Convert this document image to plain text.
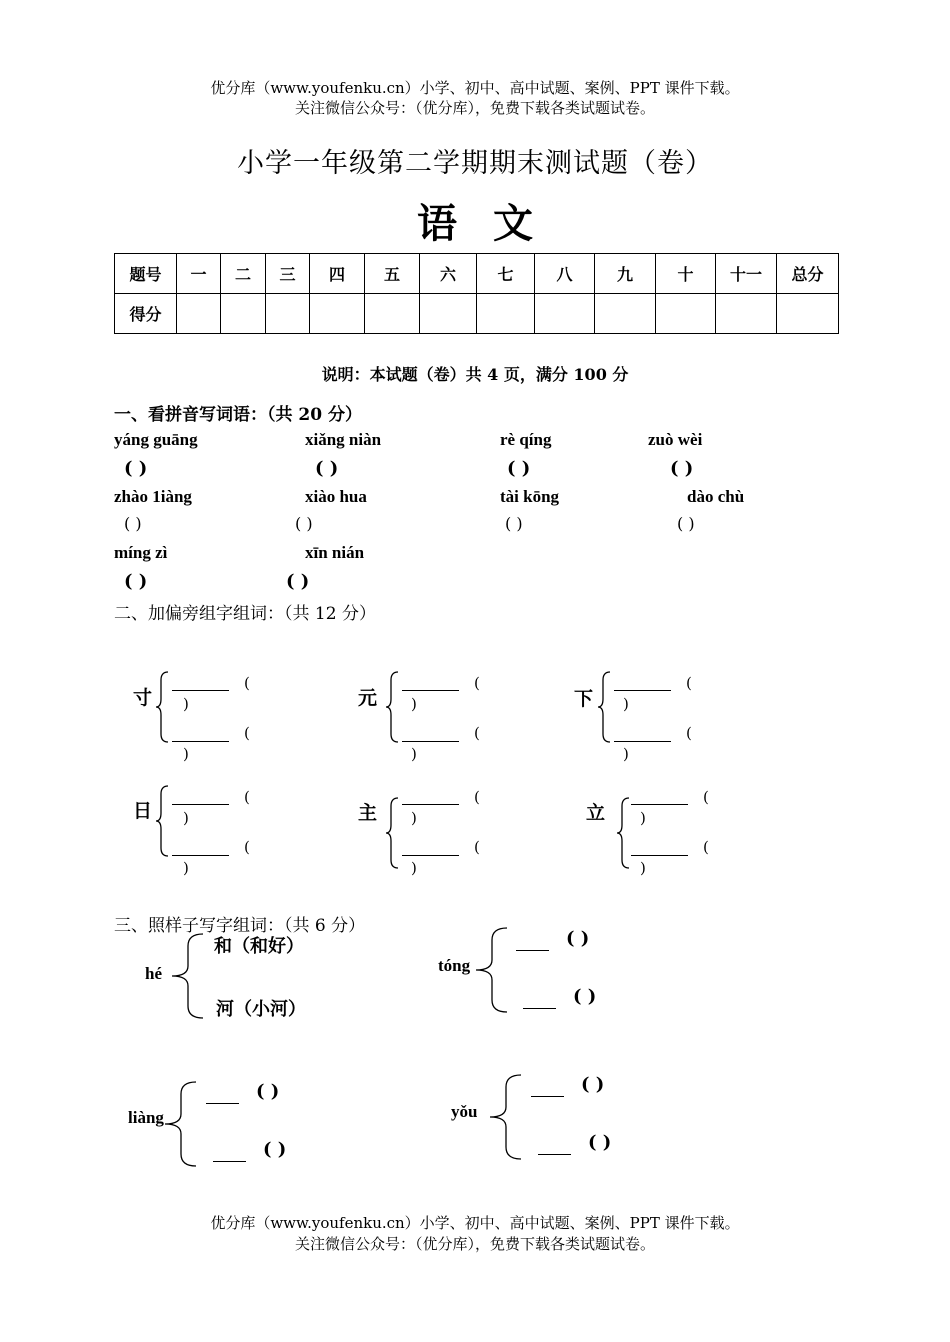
优分库（www.youfenku.cn）小学、初中、高中试题、案例、PPT 课件下载。
关注微信公众号：（优分库），免费下载各类试题试卷。
小学一年级第二学期期末测试题（卷）
语文
题号	一	二	三	四	五	六	七	八	九	十	十一	总分
得分												
说明：本试题（卷）共 4 页，满分 100 分
一、看拼音写词语：（共 20 分）
yáng guāng	xiǎng niàn	rè qíng	zuò wèi
( )	( )	( )	( )
zhào 1iàng	xiào hua	tài kōng	dào chù
( )	( )	( )	( )
míng zì	xīn nián
( )	( )
二、加偏旁组字组词：（共 12 分）
寸
(
)
(
)
元
(
)
(
)
下
(
)
(
)
日
(
)
(
)
主
(
)
(
)
立
(
)
(
)
三、照样子写字组词：（共 6 分）
hé
和（和好）
河（小河）
tóng
( )
( )
liàng
( )
( )
yǒu
( )
( )
优分库（www.youfenku.cn）小学、初中、高中试题、案例、PPT 课件下载。
关注微信公众号：（优分库），免费下载各类试题试卷。
